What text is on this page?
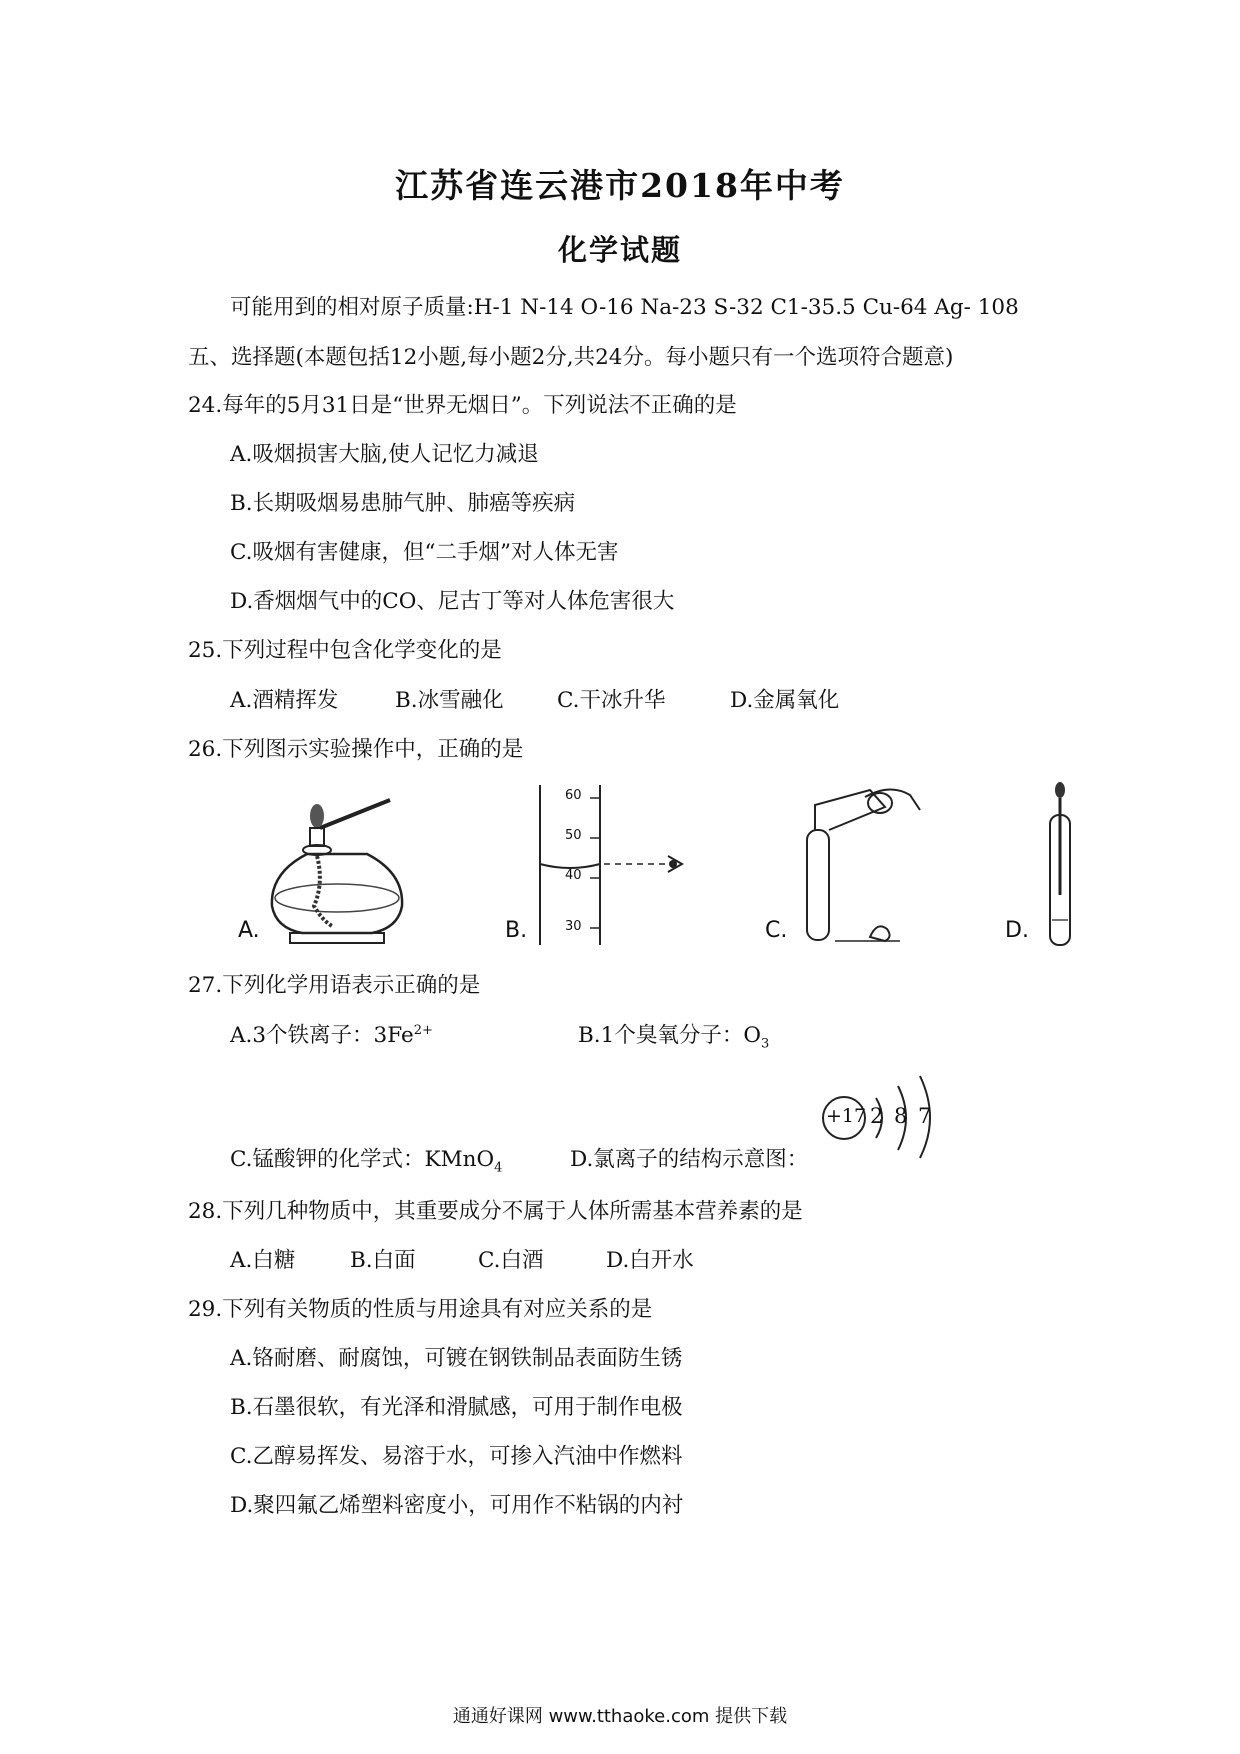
江苏省连云港市2018年中考
化学试题
可能用到的相对原子质量:H-1 N-14 O-16 Na-23 S-32 C1-35.5 Cu-64 Ag- 108
五、选择题(本题包括12小题,每小题2分,共24分。每小题只有一个选项符合题意)
24.每年的5月31日是“世界无烟日”。下列说法不正确的是
A.吸烟损害大脑,使人记忆力减退
B.长期吸烟易患肺气肿、肺癌等疾病
C.吸烟有害健康，但“二手烟”对人体无害
D.香烟烟气中的CO、尼古丁等对人体危害很大
25.下列过程中包含化学变化的是
A.酒精挥发	B.冰雪融化 C.干冰升华	D.金属氧化
26.下列图示实验操作中，正确的是
A.
60
50
40
30
B.	C.	D.
27.下列化学用语表示正确的是
A.3个铁离子：$3Fe^{2+}$	B.1个臭氧分子：$O_3$
C.锰酸钾的化学式：KMnO$_4$	D.氯离子的结构示意图：
+17 2 8 7
28.下列几种物质中，其重要成分不属于人体所需基本营养素的是
A.白糖	B.白面	C.白酒	D.白开水
29.下列有关物质的性质与用途具有对应关系的是
A.铬耐磨、耐腐蚀，可镀在钢铁制品表面防生锈
B.石墨很软，有光泽和滑腻感，可用于制作电极
C.乙醇易挥发、易溶于水，可掺入汽油中作燃料
D.聚四氟乙烯塑料密度小，可用作不粘锅的内衬
通通好课网 www.tthaoke.com 提供下载
